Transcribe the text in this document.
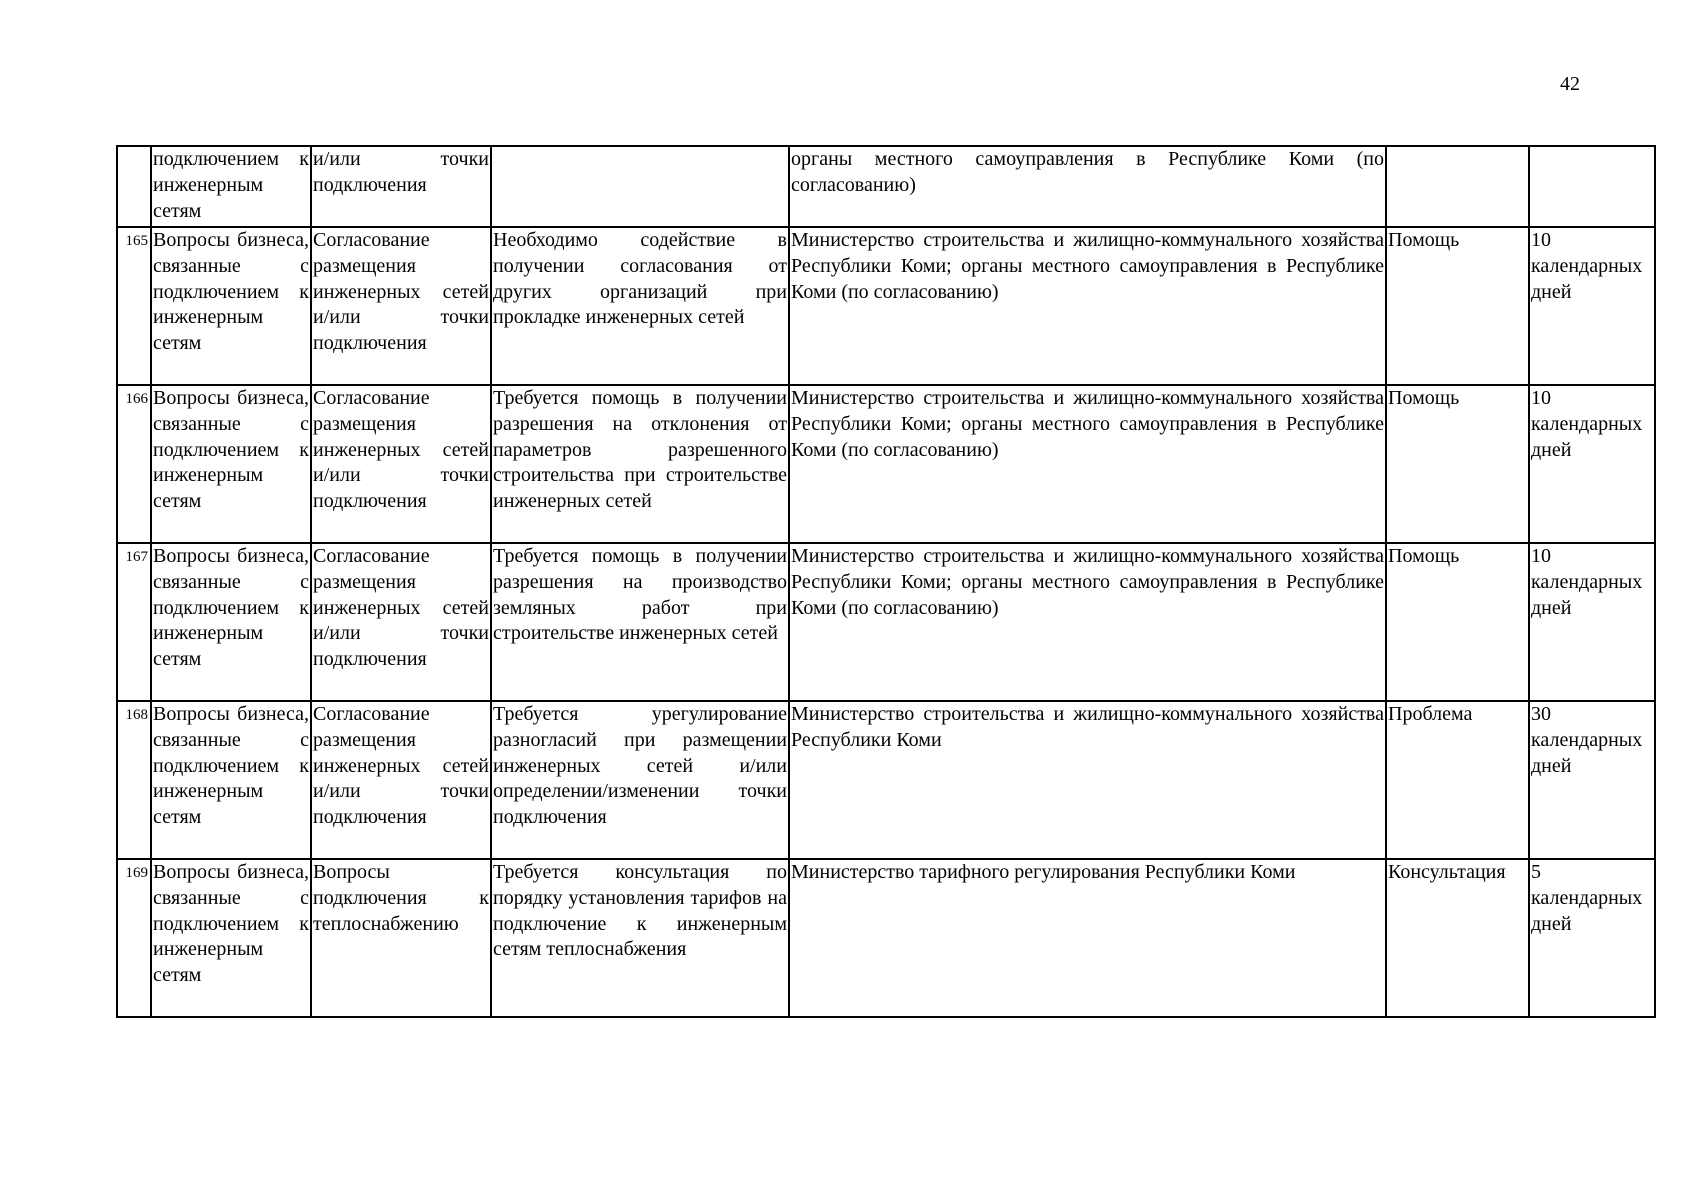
42
	подключением к инженерным сетям	и/или точки подключения		органы местного самоуправления в Республике Коми (по согласованию)		
165	Вопросы бизнеса, связанные с подключением к инженерным сетям	Согласование размещения инженерных сетей и/или точки подключения	Необходимо содействие в получении согласования от других организаций при прокладке инженерных сетей	Министерство строительства и жилищно-коммунального хозяйства Республики Коми; органы местного самоуправления в Республике Коми (по согласованию)	Помощь	10 календарных дней
166	Вопросы бизнеса, связанные с подключением к инженерным сетям	Согласование размещения инженерных сетей и/или точки подключения	Требуется помощь в получении разрешения на отклонения от параметров разрешенного строительства при строительстве инженерных сетей	Министерство строительства и жилищно-коммунального хозяйства Республики Коми; органы местного самоуправления в Республике Коми (по согласованию)	Помощь	10 календарных дней
167	Вопросы бизнеса, связанные с подключением к инженерным сетям	Согласование размещения инженерных сетей и/или точки подключения	Требуется помощь в получении разрешения на производство земляных работ при строительстве инженерных сетей	Министерство строительства и жилищно-коммунального хозяйства Республики Коми; органы местного самоуправления в Республике Коми (по согласованию)	Помощь	10 календарных дней
168	Вопросы бизнеса, связанные с подключением к инженерным сетям	Согласование размещения инженерных сетей и/или точки подключения	Требуется урегулирование разногласий при размещении инженерных сетей и/или определении/изменении точки подключения	Министерство строительства и жилищно-коммунального хозяйства Республики Коми	Проблема	30 календарных дней
169	Вопросы бизнеса, связанные с подключением к инженерным сетям	Вопросы подключения к теплоснабжению	Требуется консультация по порядку установления тарифов на подключение к инженерным сетям теплоснабжения	Министерство тарифного регулирования Республики Коми	Консультация	5 календарных дней
